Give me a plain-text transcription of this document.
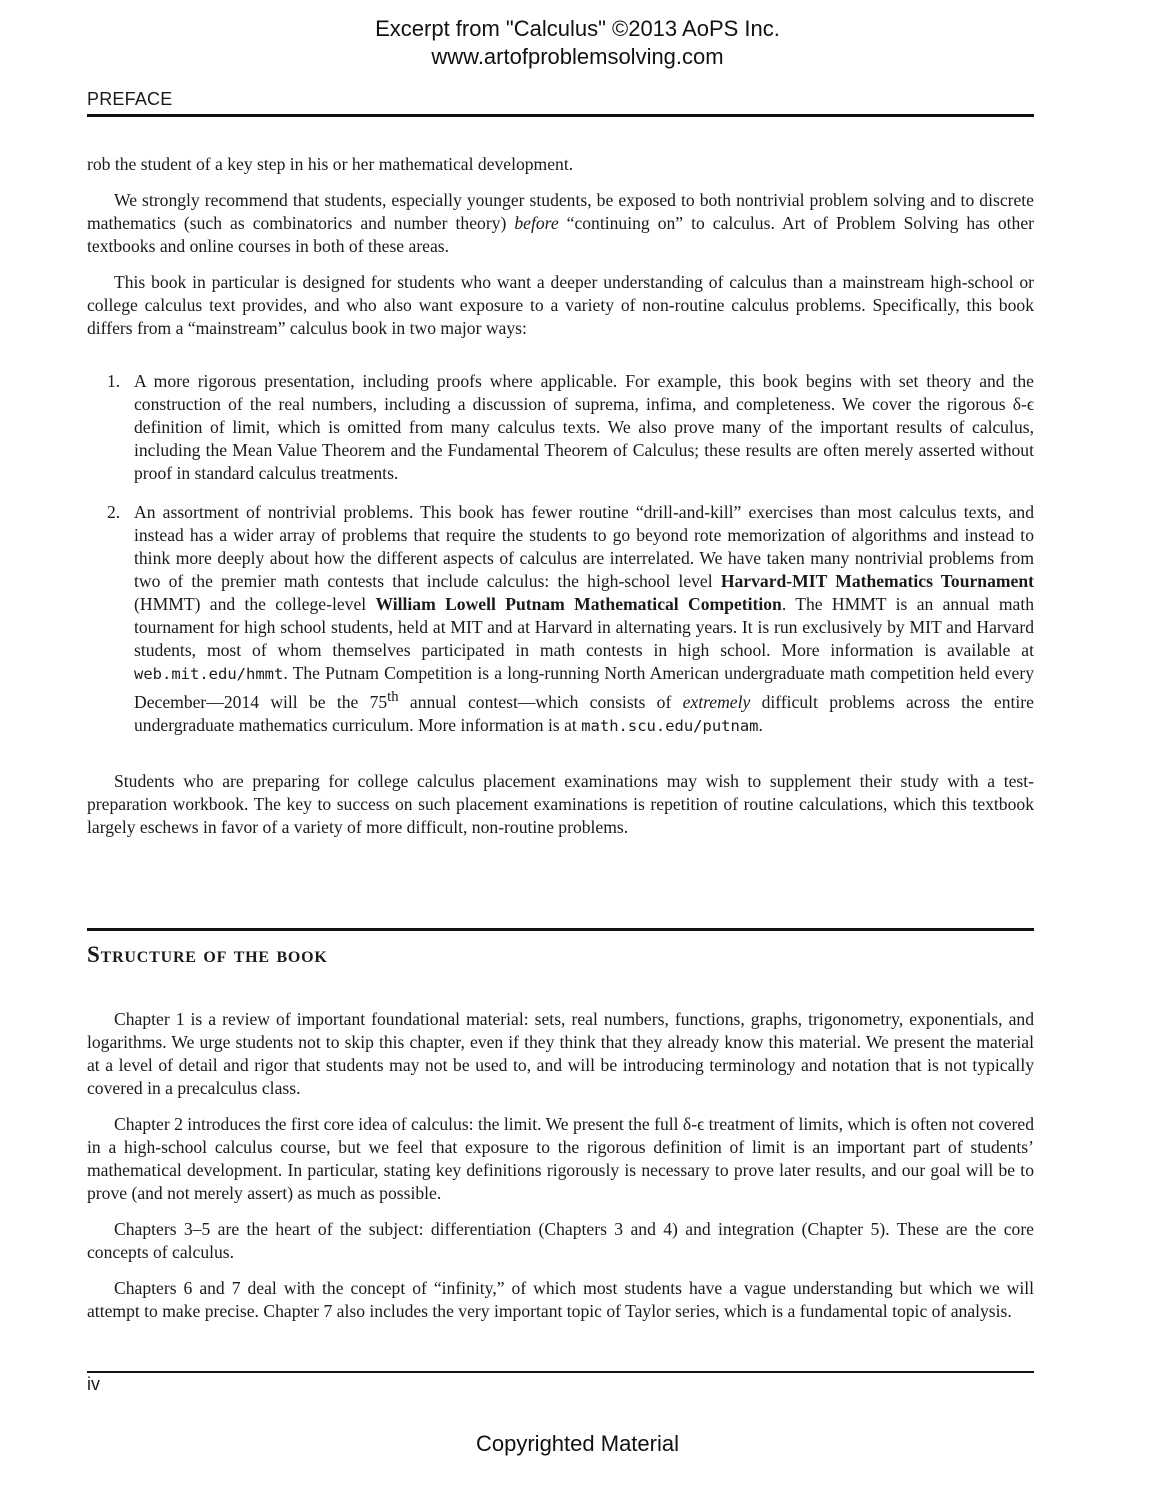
Excerpt from "Calculus" ©2013 AoPS Inc.
www.artofproblemsolving.com
PREFACE

rob the student of a key step in his or her mathematical development.

We strongly recommend that students, especially younger students, be exposed to both nontrivial problem solving and to discrete mathematics (such as combinatorics and number theory) before “continuing on” to calculus. Art of Problem Solving has other textbooks and online courses in both of these areas.

This book in particular is designed for students who want a deeper understanding of calculus than a mainstream high-school or college calculus text provides, and who also want exposure to a variety of non-routine calculus problems. Specifically, this book differs from a “mainstream” calculus book in two major ways:

1. A more rigorous presentation, including proofs where applicable. For example, this book begins with set theory and the construction of the real numbers, including a discussion of suprema, infima, and completeness. We cover the rigorous δ-ϵ definition of limit, which is omitted from many calculus texts. We also prove many of the important results of calculus, including the Mean Value Theorem and the Fundamental Theorem of Calculus; these results are often merely asserted without proof in standard calculus treatments.
2. An assortment of nontrivial problems. This book has fewer routine “drill-and-kill” exercises than most calculus texts, and instead has a wider array of problems that require the students to go beyond rote memorization of algorithms and instead to think more deeply about how the different aspects of calculus are interrelated. We have taken many nontrivial problems from two of the premier math contests that include calculus: the high-school level Harvard-MIT Mathematics Tournament (HMMT) and the college-level William Lowell Putnam Mathematical Competition. The HMMT is an annual math tournament for high school students, held at MIT and at Harvard in alternating years. It is run exclusively by MIT and Harvard students, most of whom themselves participated in math contests in high school. More information is available at web.mit.edu/hmmt. The Putnam Competition is a long-running North American undergraduate math competition held every December—2014 will be the 75th annual contest—which consists of extremely difficult problems across the entire undergraduate mathematics curriculum. More information is at math.scu.edu/putnam.

Students who are preparing for college calculus placement examinations may wish to supplement their study with a test-preparation workbook. The key to success on such placement examinations is repetition of routine calculations, which this textbook largely eschews in favor of a variety of more difficult, non-routine problems.

Structure of the book

Chapter 1 is a review of important foundational material: sets, real numbers, functions, graphs, trigonometry, exponentials, and logarithms. We urge students not to skip this chapter, even if they think that they already know this material. We present the material at a level of detail and rigor that students may not be used to, and will be introducing terminology and notation that is not typically covered in a precalculus class.

Chapter 2 introduces the first core idea of calculus: the limit. We present the full δ-ϵ treatment of limits, which is often not covered in a high-school calculus course, but we feel that exposure to the rigorous definition of limit is an important part of students’ mathematical development. In particular, stating key definitions rigorously is necessary to prove later results, and our goal will be to prove (and not merely assert) as much as possible.

Chapters 3–5 are the heart of the subject: differentiation (Chapters 3 and 4) and integration (Chapter 5). These are the core concepts of calculus.

Chapters 6 and 7 deal with the concept of “infinity,” of which most students have a vague understanding but which we will attempt to make precise. Chapter 7 also includes the very important topic of Taylor series, which is a fundamental topic of analysis.

iv
Copyrighted Material
